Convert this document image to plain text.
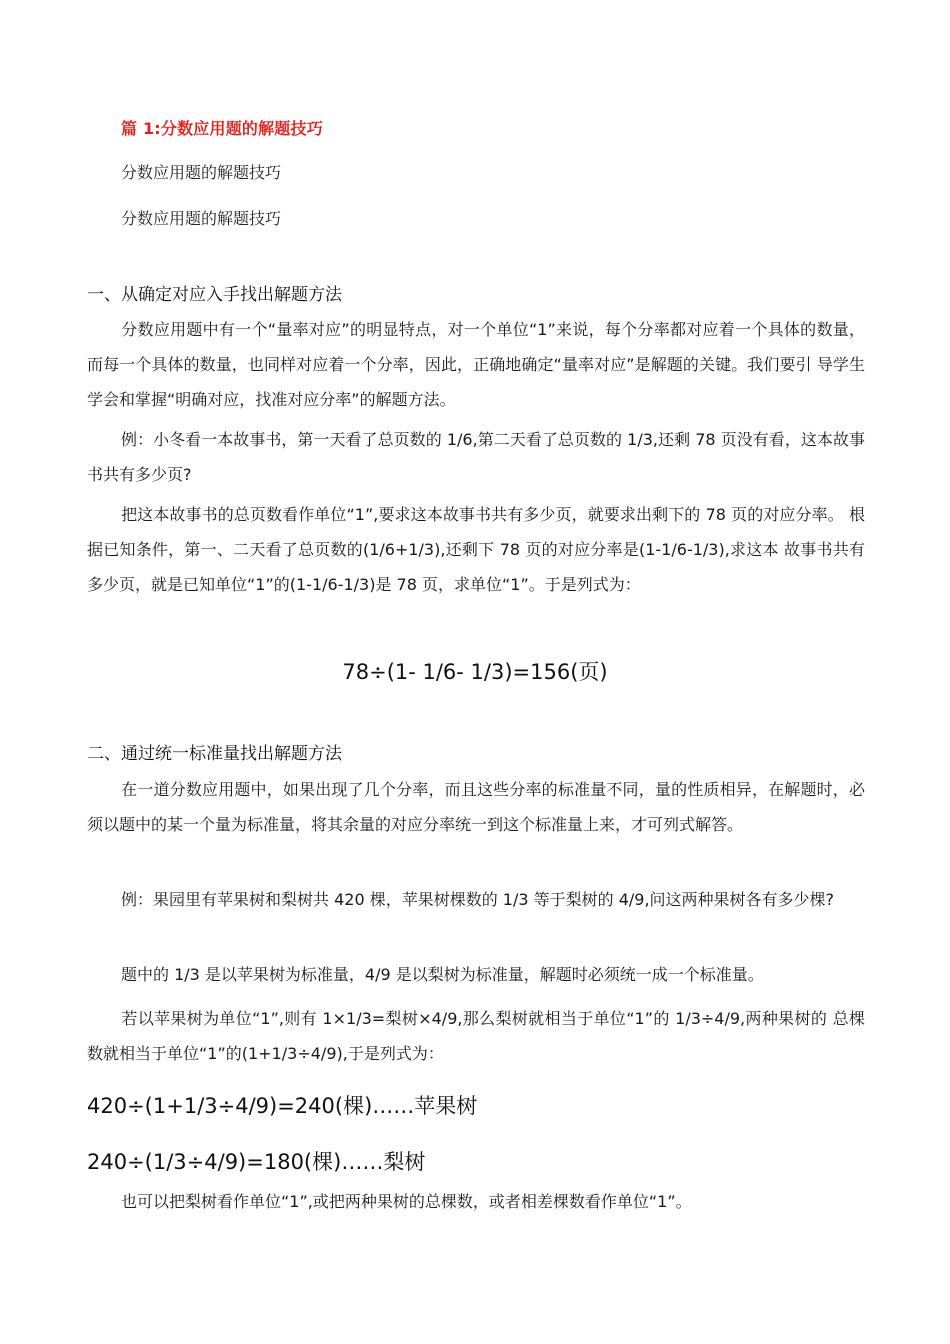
篇 1:分数应用题的解题技巧
分数应用题的解题技巧
分数应用题的解题技巧
一、从确定对应入手找出解题方法

分数应用题中有一个“量率对应”的明显特点，对一个单位“1”来说，每个分率都对应着一个具体的数量，而每一个具体的数量，也同样对应着一个分率，因此，正确地确定“量率对应”是解题的关键。我们要引 导学生学会和掌握“明确对应，找准对应分率”的解题方法。

例：小冬看一本故事书，第一天看了总页数的 1/6,第二天看了总页数的 1/3,还剩 78 页没有看，这本故事 书共有多少页?

把这本故事书的总页数看作单位“1”,要求这本故事书共有多少页，就要求出剩下的 78 页的对应分率。 根据已知条件，第一、二天看了总页数的(1/6+1/3),还剩下 78 页的对应分率是(1-1/6-1/3),求这本 故事书共有多少页，就是已知单位“1”的(1-1/6-1/3)是 78 页，求单位“1”。于是列式为：

78÷(1- 1/6- 1/3)=156(页)
二、通过统一标准量找出解题方法

在一道分数应用题中，如果出现了几个分率，而且这些分率的标准量不同，量的性质相异，在解题时，必 须以题中的某一个量为标准量，将其余量的对应分率统一到这个标准量上来，才可列式解答。

例：果园里有苹果树和梨树共 420 棵，苹果树棵数的 1/3 等于梨树的 4/9,问这两种果树各有多少棵?

题中的 1/3 是以苹果树为标准量，4/9 是以梨树为标准量，解题时必须统一成一个标准量。

若以苹果树为单位“1”,则有 1×1/3=梨树×4/9,那么梨树就相当于单位“1”的 1/3÷4/9,两种果树的 总棵数就相当于单位“1”的(1+1/3÷4/9),于是列式为：

420÷(1+1/3÷4/9)=240(棵)……苹果树
240÷(1/3÷4/9)=180(棵)……梨树

也可以把梨树看作单位“1”,或把两种果树的总棵数，或者相差棵数看作单位“1”。
